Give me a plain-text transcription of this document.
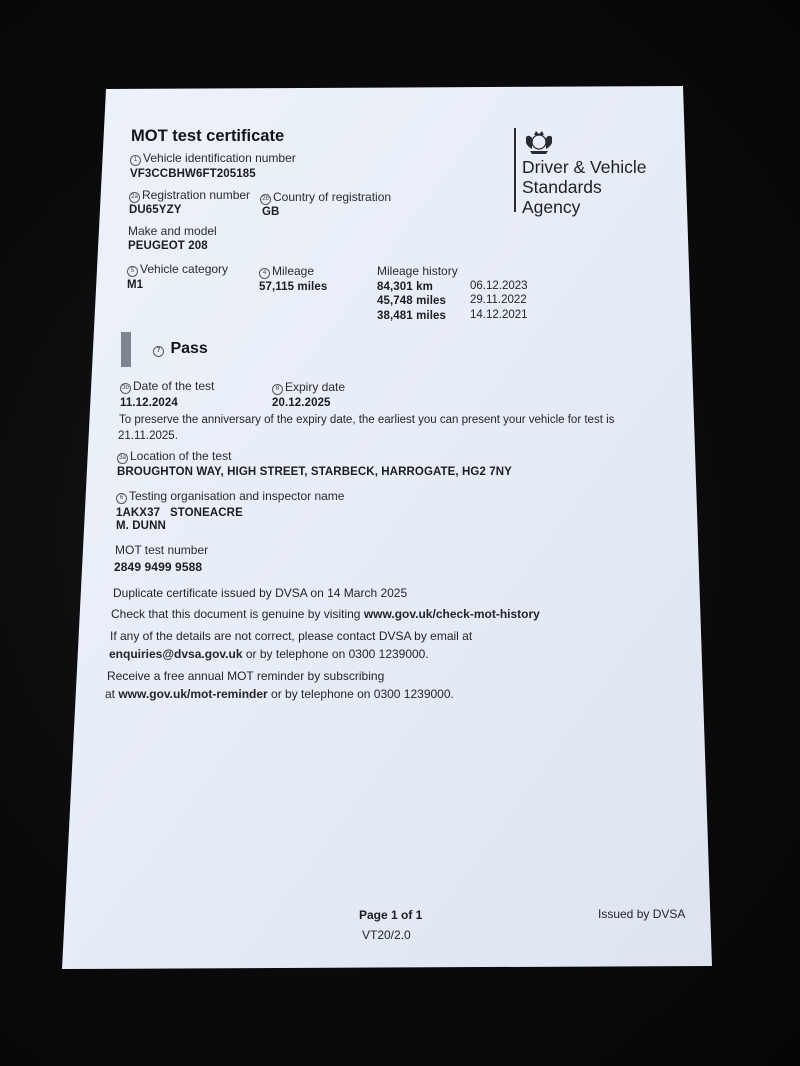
MOT test certificate
Driver & Vehicle
Standards
Agency
1 Vehicle identification number
VF3CCBHW6FT205185
2a Registration number
DU65YZY
2b Country of registration
GB
Make and model
PEUGEOT 208
5 Vehicle category
M1
4 Mileage
57,115 miles
Mileage history
84,301 km	06.12.2023
45,748 miles 29.11.2022
38,481 miles 14.12.2021
7 Pass
3b Date of the test
11.12.2024
8 Expiry date
20.12.2025
To preserve the anniversary of the expiry date, the earliest you can present your vehicle for test is
21.11.2025.
3a Location of the test
BROUGHTON WAY, HIGH STREET, STARBECK, HARROGATE, HG2 7NY
6 Testing organisation and inspector name
1AKX37   STONEACRE
M. DUNN
MOT test number
2849 9499 9588
Duplicate certificate issued by DVSA on 14 March 2025
Check that this document is genuine by visiting www.gov.uk/check-mot-history
If any of the details are not correct, please contact DVSA by email at
enquiries@dvsa.gov.uk or by telephone on 0300 1239000.
Receive a free annual MOT reminder by subscribing
at www.gov.uk/mot-reminder or by telephone on 0300 1239000.
Page 1 of 1
VT20/2.0
Issued by DVSA
